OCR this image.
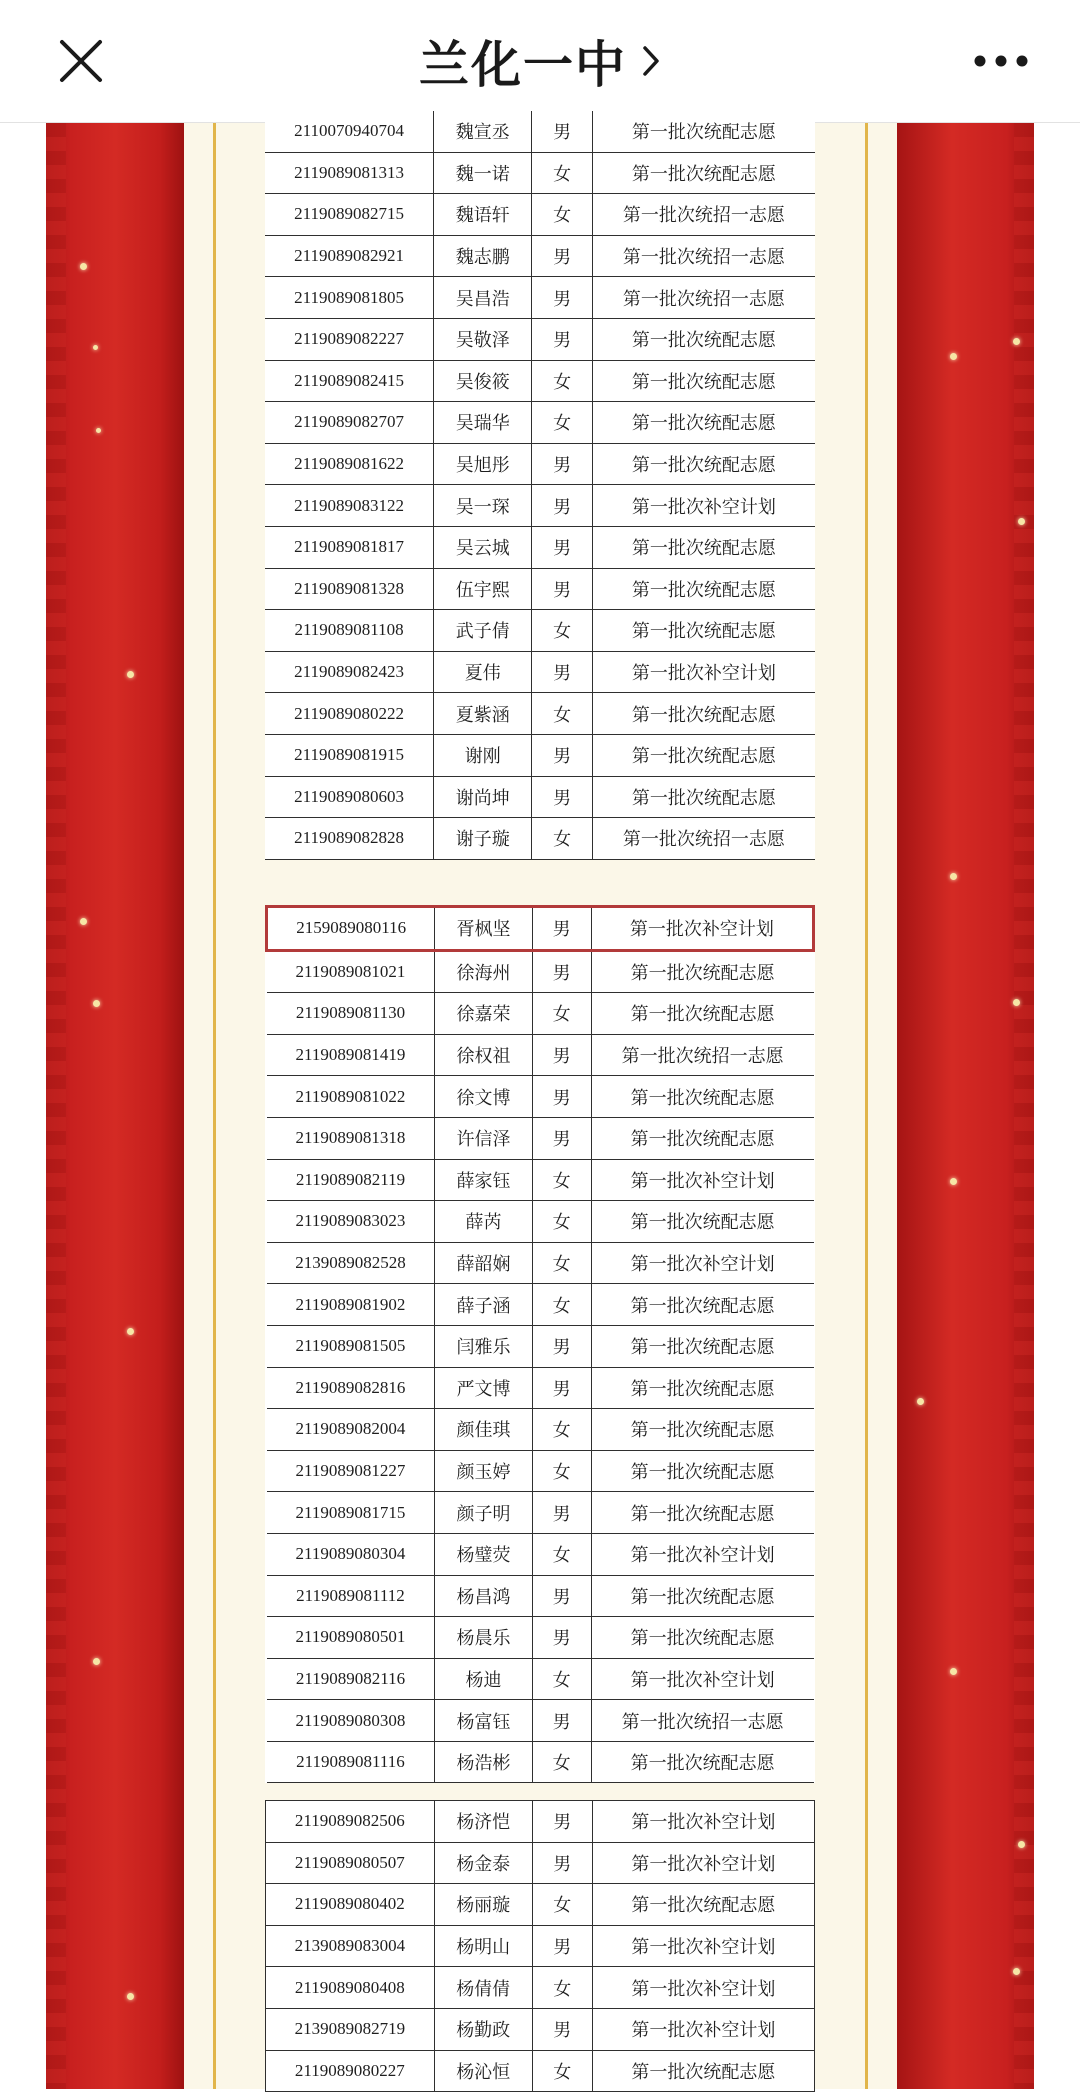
兰化一中
2110070940704	魏宣丞	男	第一批次统配志愿
2119089081313	魏一诺	女	第一批次统配志愿
2119089082715	魏语轩	女	第一批次统招一志愿
2119089082921	魏志鹏	男	第一批次统招一志愿
2119089081805	吴昌浩	男	第一批次统招一志愿
2119089082227	吴敬泽	男	第一批次统配志愿
2119089082415	吴俊筱	女	第一批次统配志愿
2119089082707	吴瑞华	女	第一批次统配志愿
2119089081622	吴旭彤	男	第一批次统配志愿
2119089083122	吴一琛	男	第一批次补空计划
2119089081817	吴云城	男	第一批次统配志愿
2119089081328	伍宇熙	男	第一批次统配志愿
2119089081108	武子倩	女	第一批次统配志愿
2119089082423	夏伟	男	第一批次补空计划
2119089080222	夏紫涵	女	第一批次统配志愿
2119089081915	谢刚	男	第一批次统配志愿
2119089080603	谢尚坤	男	第一批次统配志愿
2119089082828	谢子璇	女	第一批次统招一志愿
2159089080116	胥枫坚	男	第一批次补空计划
2119089081021	徐海州	男	第一批次统配志愿
2119089081130	徐嘉荣	女	第一批次统配志愿
2119089081419	徐权祖	男	第一批次统招一志愿
2119089081022	徐文博	男	第一批次统配志愿
2119089081318	许信泽	男	第一批次统配志愿
2119089082119	薛家钰	女	第一批次补空计划
2119089083023	薛芮	女	第一批次统配志愿
2139089082528	薛韶娴	女	第一批次补空计划
2119089081902	薛子涵	女	第一批次统配志愿
2119089081505	闫雅乐	男	第一批次统配志愿
2119089082816	严文博	男	第一批次统配志愿
2119089082004	颜佳琪	女	第一批次统配志愿
2119089081227	颜玉婷	女	第一批次统配志愿
2119089081715	颜子明	男	第一批次统配志愿
2119089080304	杨璧荧	女	第一批次补空计划
2119089081112	杨昌鸿	男	第一批次统配志愿
2119089080501	杨晨乐	男	第一批次统配志愿
2119089082116	杨迪	女	第一批次补空计划
2119089080308	杨富钰	男	第一批次统招一志愿
2119089081116	杨浩彬	女	第一批次统配志愿
2119089082506	杨济恺	男	第一批次补空计划
2119089080507	杨金泰	男	第一批次补空计划
2119089080402	杨丽璇	女	第一批次统配志愿
2139089083004	杨明山	男	第一批次补空计划
2119089080408	杨倩倩	女	第一批次补空计划
2139089082719	杨勤政	男	第一批次补空计划
2119089080227	杨沁恒	女	第一批次统配志愿
